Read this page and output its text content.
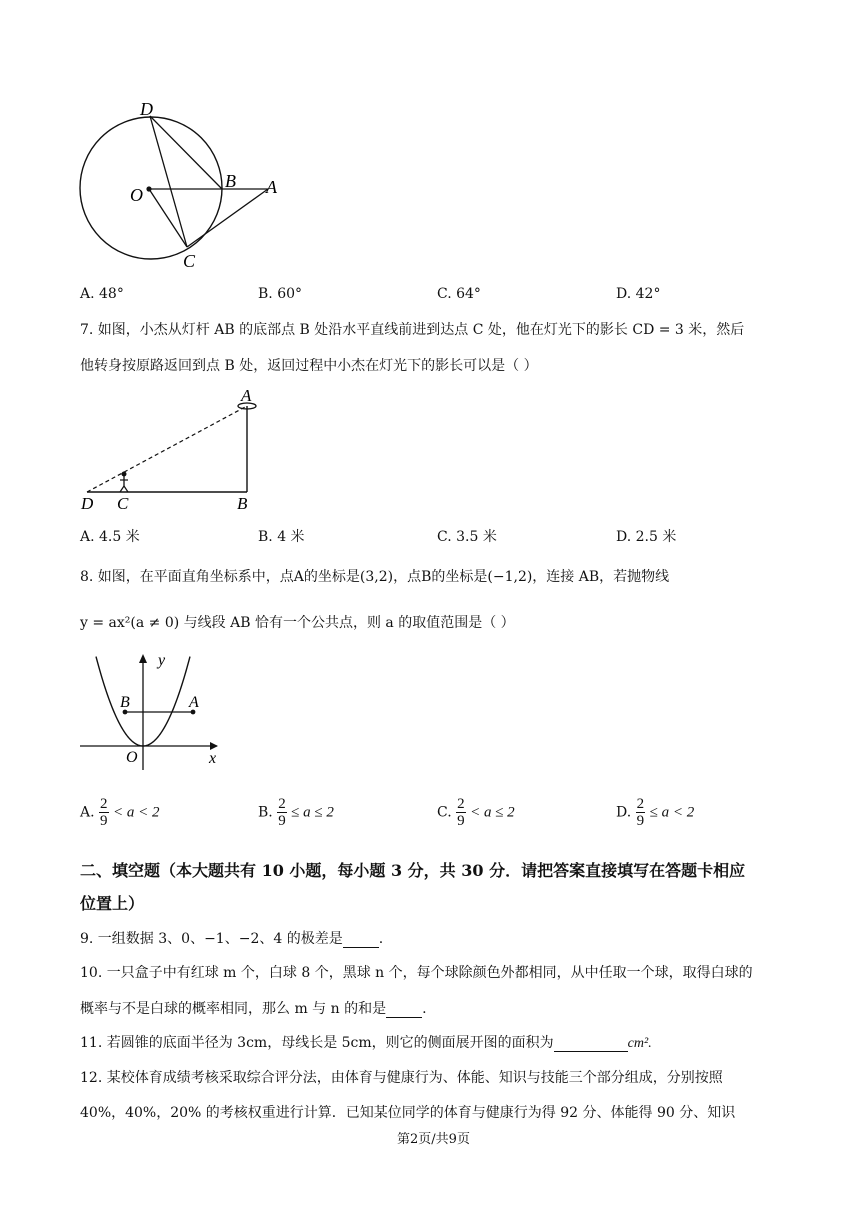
D
B
O	A
C
A. 48°	B. 60°	C. 64°	D. 42°
7. 如图，小杰从灯杆 AB 的底部点 B 处沿水平直线前进到达点 C 处，他在灯光下的影长 CD = 3 米，然后
他转身按原路返回到点 B 处，返回过程中小杰在灯光下的影长可以是（ ）
A
D C	B
A. 4.5 米	B. 4 米	C. 3.5 米	D. 2.5 米
8. 如图，在平面直角坐标系中，点A的坐标是(3,2)，点B的坐标是(−1,2)，连接 AB，若抛物线
y = ax²(a ≠ 0) 与线段 AB 恰有一个公共点，则 a 的取值范围是（ ）
y
x
O
B	A
A. $\frac{2}{9} < a < 2$	B. $\frac{2}{9} \le a \le 2$	C. $\frac{2}{9} < a \le 2$	D. $\frac{2}{9} \le a < 2$
二、填空题（本大题共有 10 小题，每小题 3 分，共 30 分．请把答案直接填写在答题卡相应
位置上）
9. 一组数据 3、0、−1、−2、4 的极差是	.
10. 一只盒子中有红球 m 个，白球 8 个，黑球 n 个，每个球除颜色外都相同，从中任取一个球，取得白球的
概率与不是白球的概率相同，那么 m 与 n 的和是	.
11. 若圆锥的底面半径为 3cm，母线长是 5cm，则它的侧面展开图的面积为	cm².
12. 某校体育成绩考核采取综合评分法，由体育与健康行为、体能、知识与技能三个部分组成，分别按照
40%，40%，20% 的考核权重进行计算．已知某位同学的体育与健康行为得 92 分、体能得 90 分、知识
第2页/共9页
